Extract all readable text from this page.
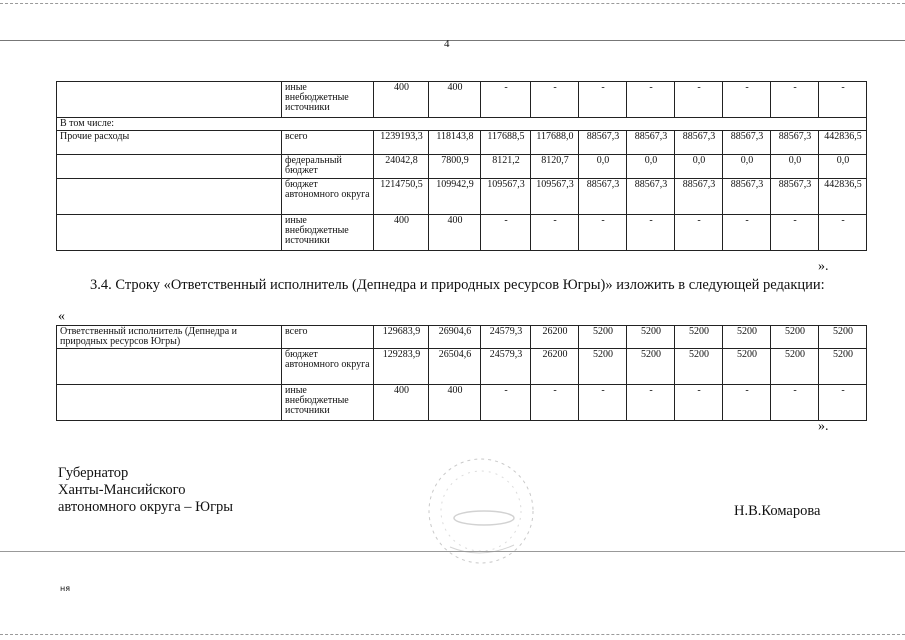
4
	иные внебюджетные источники	400	400	-	-	-	-	-	-	-	-
В том числе:											
Прочие расходы	всего	1239193,3	118143,8	117688,5	117688,0	88567,3	88567,3	88567,3	88567,3	88567,3	442836,5
	федеральный бюджет	24042,8	7800,9	8121,2	8120,7	0,0	0,0	0,0	0,0	0,0	0,0
	бюджет автономного округа	1214750,5	109942,9	109567,3	109567,3	88567,3	88567,3	88567,3	88567,3	88567,3	442836,5
	иные внебюджетные источники	400	400	-	-	-	-	-	-	-	-
».
3.4. Строку «Ответственный исполнитель (Депнедра и природных ресурсов Югры)» изложить в следующей редакции:
«
Ответственный исполнитель (Депнедра и природных ресурсов Югры)	всего	129683,9	26904,6	24579,3	26200	5200	5200	5200	5200	5200	5200
	бюджет автономного округа	129283,9	26504,6	24579,3	26200	5200	5200	5200	5200	5200	5200
	иные внебюджетные источники	400	400	-	-	-	-	-	-	-	-
».
Губернатор
Ханты-Мансийского
автономного округа – Югры	Н.В.Комарова
ня
